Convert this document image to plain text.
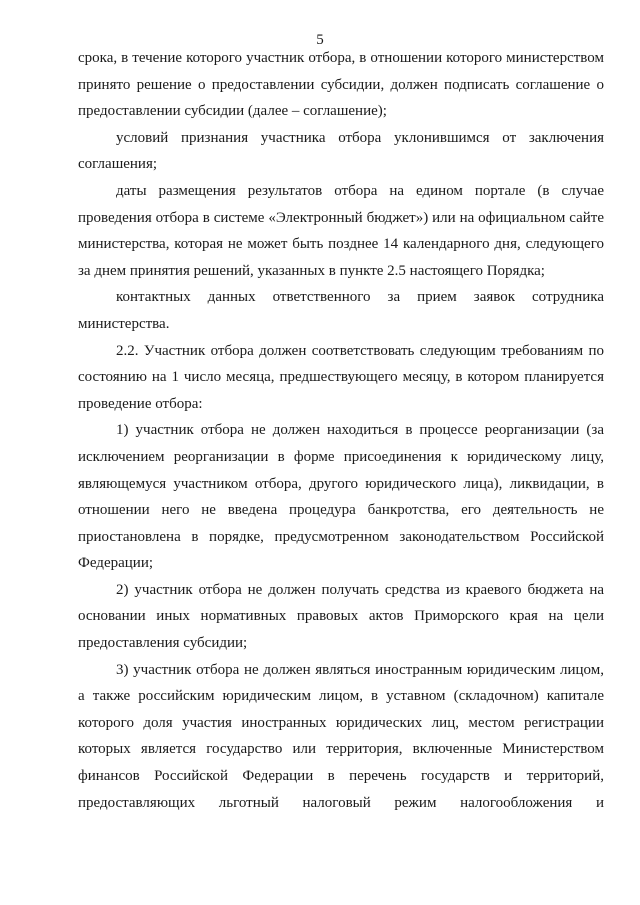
5

срока, в течение которого участник отбора, в отношении которого министерством принято решение о предоставлении субсидии, должен подписать соглашение о предоставлении субсидии (далее – соглашение);

условий признания участника отбора уклонившимся от заключения соглашения;

даты размещения результатов отбора на едином портале (в случае проведения отбора в системе «Электронный бюджет») или на официальном сайте министерства, которая не может быть позднее 14 календарного дня, следующего за днем принятия решений, указанных в пункте 2.5 настоящего Порядка;

контактных данных ответственного за прием заявок сотрудника министерства.

2.2. Участник отбора должен соответствовать следующим требованиям по состоянию на 1 число месяца, предшествующего месяцу, в котором планируется проведение отбора:

1) участник отбора не должен находиться в процессе реорганизации (за исключением реорганизации в форме присоединения к юридическому лицу, являющемуся участником отбора, другого юридического лица), ликвидации, в отношении него не введена процедура банкротства, его деятельность не приостановлена в порядке, предусмотренном законодательством Российской Федерации;

2) участник отбора не должен получать средства из краевого бюджета на основании иных нормативных правовых актов Приморского края на цели предоставления субсидии;

3) участник отбора не должен являться иностранным юридическим лицом, а также российским юридическим лицом, в уставном (складочном) капитале которого доля участия иностранных юридических лиц, местом регистрации которых является государство или территория, включенные Министерством финансов Российской Федерации в перечень государств и территорий, предоставляющих льготный налоговый режим налогообложения и
